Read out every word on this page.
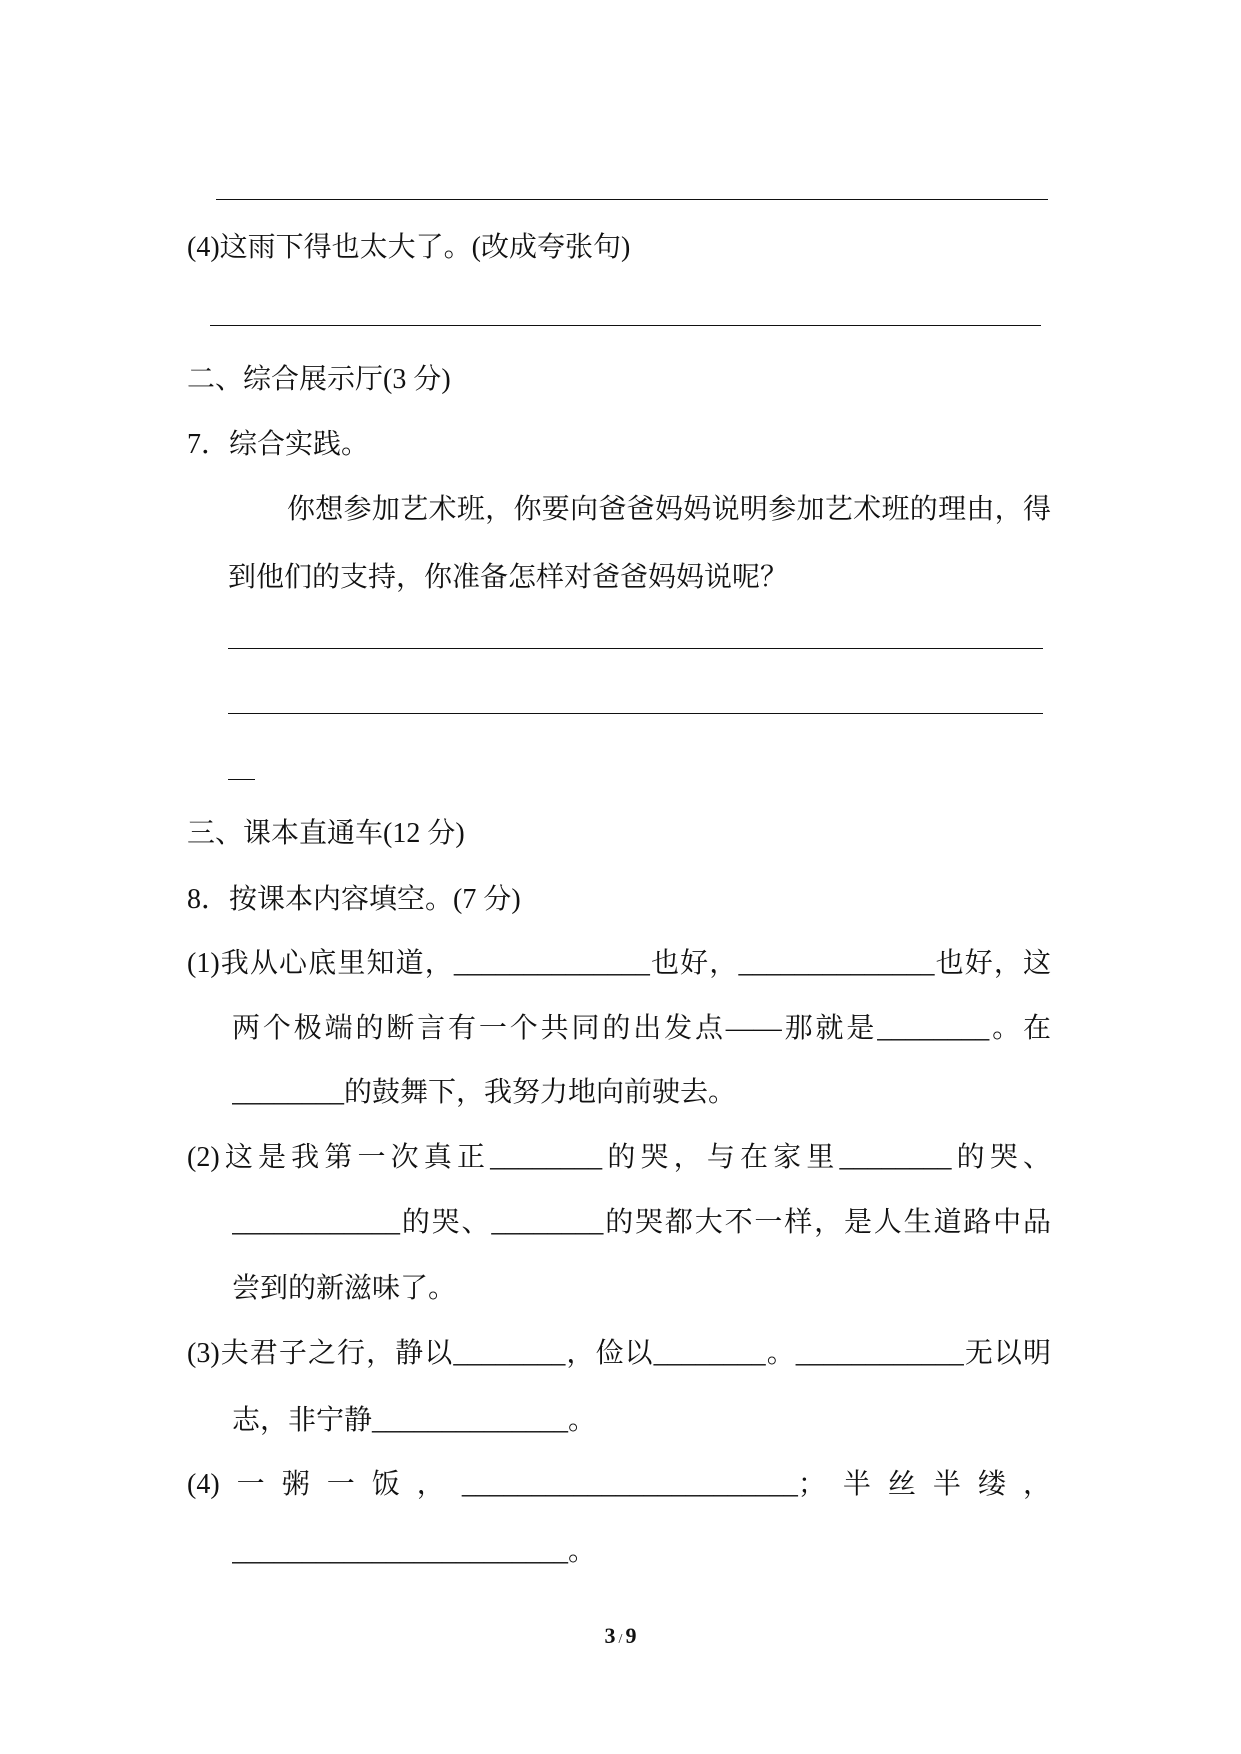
(4)这雨下得也太大了。(改成夸张句)
二、综合展示厅(3 分)
7．综合实践。
你想参加艺术班，你要向爸爸妈妈说明参加艺术班的理由，得
到他们的支持，你准备怎样对爸爸妈妈说呢？
三、课本直通车(12 分)
8．按课本内容填空。(7 分)
(1)我从心底里知道，______________也好，______________也好，这
两个极端的断言有一个共同的出发点——那就是________。在
________的鼓舞下，我努力地向前驶去。
(2)这是我第一次真正________的哭，与在家里________的哭、
____________的哭、________的哭都大不一样，是人生道路中品
尝到的新滋味了。
(3)夫君子之行，静以________，俭以________。____________无以明
志，非宁静______________。
(4)一粥一饭，________________________；半丝半缕，
________________________。
3 / 9
